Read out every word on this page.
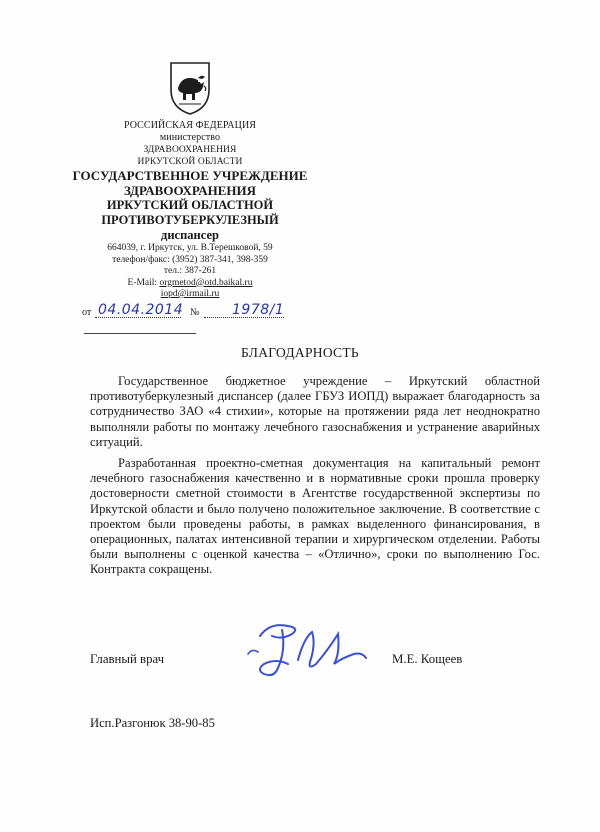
РОССИЙСКАЯ ФЕДЕРАЦИЯ
министерство
ЗДРАВООХРАНЕНИЯ
ИРКУТСКОЙ ОБЛАСТИ
ГОСУДАРСТВЕННОЕ УЧРЕЖДЕНИЕ
ЗДРАВООХРАНЕНИЯ
ИРКУТСКИЙ ОБЛАСТНОЙ
ПРОТИВОТУБЕРКУЛЕЗНЫЙ
диспансер
664039, г. Иркутск, ул. В.Терешковой, 59
телефон/факс: (3952) 387-341, 398-359
тел.: 387-261
E-Mail: orgmetod@otd.baikal.ru
iopd@irmail.ru
от 04.04.2014 № 1978/1
БЛАГОДАРНОСТЬ

Государственное бюджетное учреждение – Иркутский областной противотуберкулезный диспансер (далее ГБУЗ ИОПД) выражает благодарность за сотрудничество ЗАО «4 стихии», которые на протяжении ряда лет неоднократно выполняли работы по монтажу лечебного газоснабжения и устранение аварийных ситуаций.

Разработанная проектно-сметная документация на капитальный ремонт лечебного газоснабжения качественно и в нормативные сроки прошла проверку достоверности сметной стоимости в Агентстве государственной экспертизы по Иркутской области и было получено положительное заключение. В соответствие с проектом были проведены работы, в рамках выделенного финансирования, в операционных, палатах интенсивной терапии и хирургическом отделении. Работы были выполнены с оценкой качества – «Отлично», сроки по выполнению Гос. Контракта сокращены.

Главный врач	М.Е. Кощеев
Исп.Разгонюк 38-90-85
